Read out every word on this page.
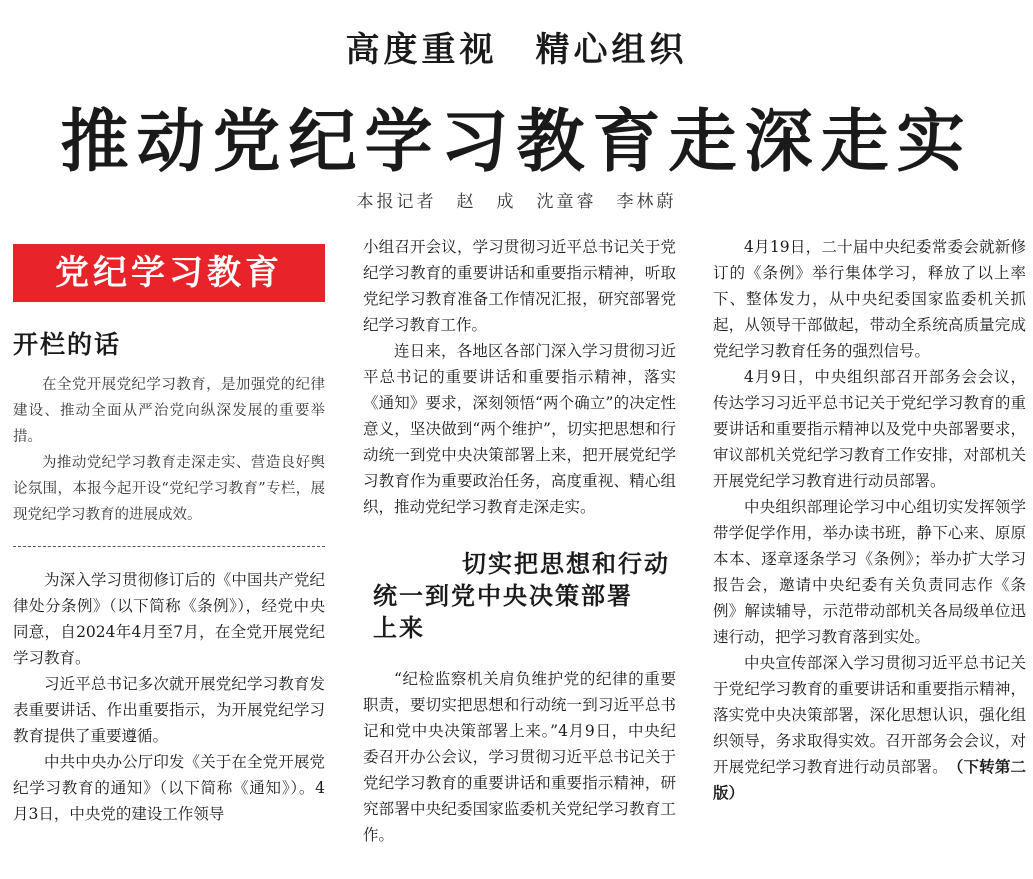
高度重视　精心组织
推动党纪学习教育走深走实
本报记者　赵　成　沈童睿　李林蔚
党纪学习教育
开栏的话

在全党开展党纪学习教育，是加强党的纪律建设、推动全面从严治党向纵深发展的重要举措。

为推动党纪学习教育走深走实、营造良好舆论氛围，本报今起开设“党纪学习教育”专栏，展现党纪学习教育的进展成效。

为深入学习贯彻修订后的《中国共产党纪律处分条例》（以下简称《条例》），经党中央同意，自2024年4月至7月，在全党开展党纪学习教育。

习近平总书记多次就开展党纪学习教育发表重要讲话、作出重要指示，为开展党纪学习教育提供了重要遵循。

中共中央办公厅印发《关于在全党开展党纪学习教育的通知》（以下简称《通知》）。4月3日，中央党的建设工作领导

小组召开会议，学习贯彻习近平总书记关于党纪学习教育的重要讲话和重要指示精神，听取党纪学习教育准备工作情况汇报，研究部署党纪学习教育工作。

连日来，各地区各部门深入学习贯彻习近平总书记的重要讲话和重要指示精神，落实《通知》要求，深刻领悟“两个确立”的决定性意义，坚决做到“两个维护”，切实把思想和行动统一到党中央决策部署上来，把开展党纪学习教育作为重要政治任务，高度重视、精心组织，推动党纪学习教育走深走实。

切实把思想和行动
统一到党中央决策部署
上来

“纪检监察机关肩负维护党的纪律的重要职责，要切实把思想和行动统一到习近平总书记和党中央决策部署上来。”4月9日，中央纪委召开办公会议，学习贯彻习近平总书记关于党纪学习教育的重要讲话和重要指示精神，研究部署中央纪委国家监委机关党纪学习教育工作。

4月19日，二十届中央纪委常委会就新修订的《条例》举行集体学习，释放了以上率下、整体发力，从中央纪委国家监委机关抓起，从领导干部做起，带动全系统高质量完成党纪学习教育任务的强烈信号。

4月9日，中央组织部召开部务会会议，传达学习习近平总书记关于党纪学习教育的重要讲话和重要指示精神以及党中央部署要求，审议部机关党纪学习教育工作安排，对部机关开展党纪学习教育进行动员部署。

中央组织部理论学习中心组切实发挥领学带学促学作用，举办读书班，静下心来、原原本本、逐章逐条学习《条例》；举办扩大学习报告会，邀请中央纪委有关负责同志作《条例》解读辅导，示范带动部机关各局级单位迅速行动，把学习教育落到实处。

中央宣传部深入学习贯彻习近平总书记关于党纪学习教育的重要讲话和重要指示精神，落实党中央决策部署，深化思想认识，强化组织领导，务求取得实效。召开部务会会议，对开展党纪学习教育进行动员部署。　 （下转第二版）
